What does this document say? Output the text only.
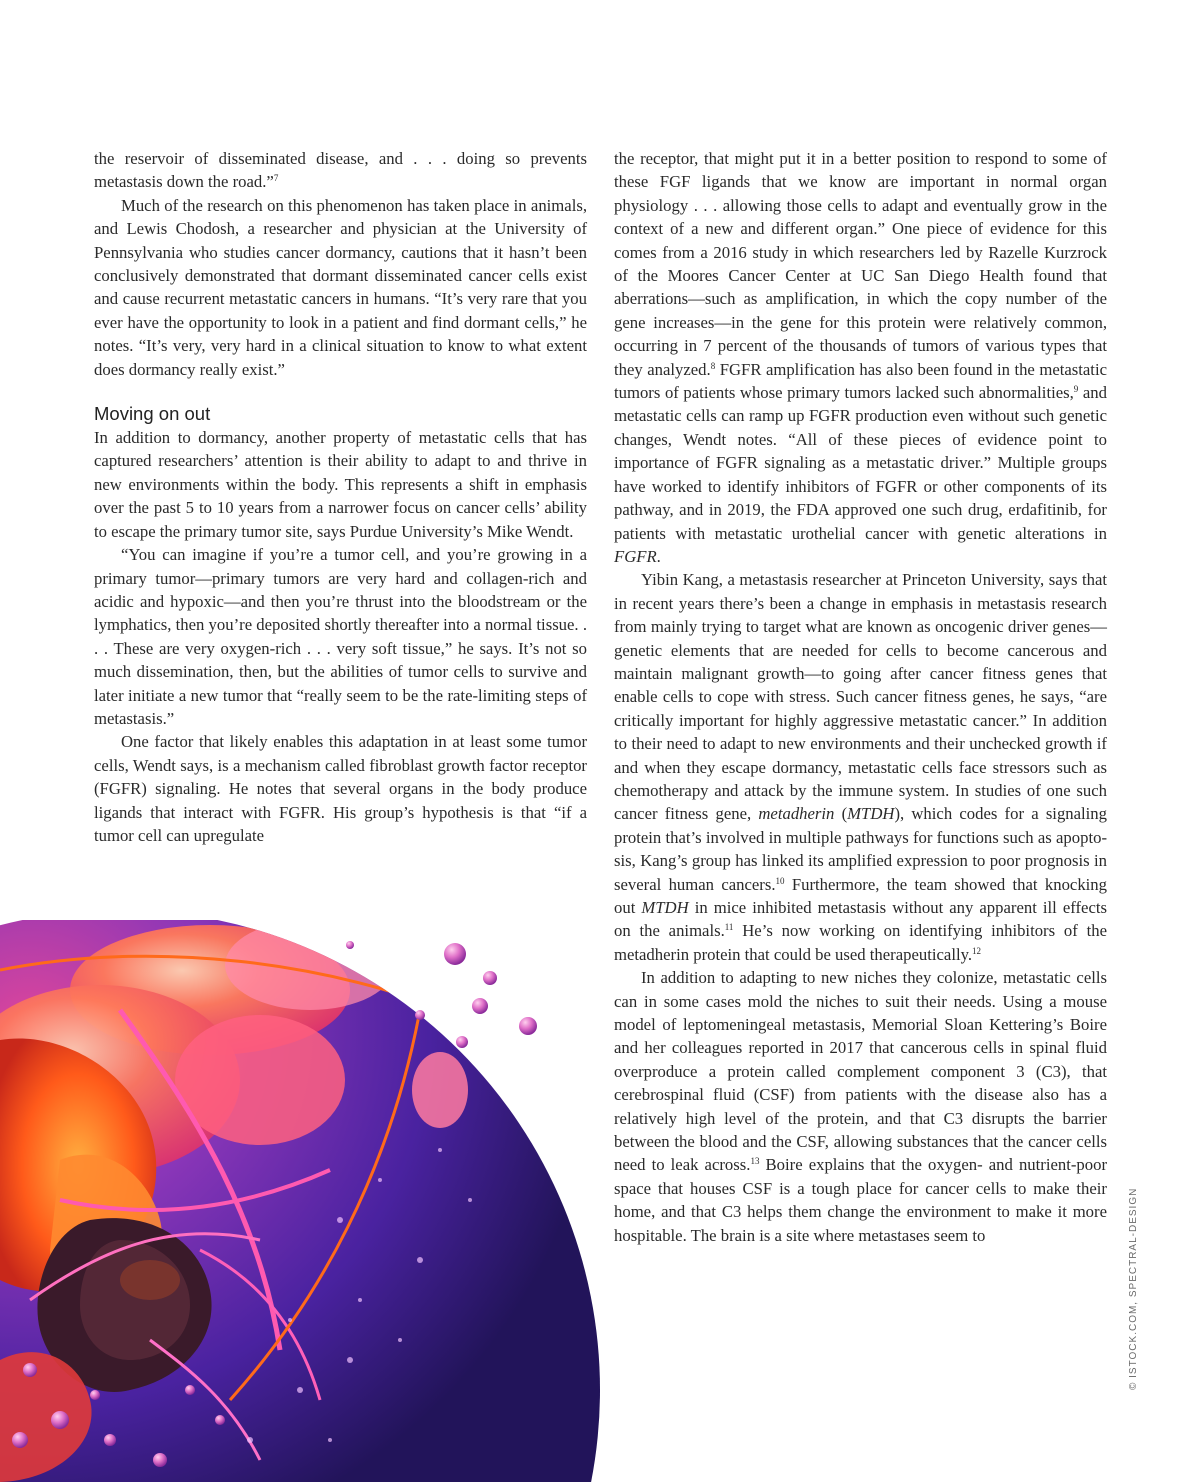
the reservoir of disseminated disease, and . . . doing so prevents metastasis down the road.”$^7$

Much of the research on this phenomenon has taken place in animals, and Lewis Chodosh, a researcher and physician at the University of Pennsylvania who studies cancer dormancy, cautions that it hasn’t been conclusively demonstrated that dormant disseminated cancer cells exist and cause recurrent metastatic cancers in humans. “It’s very rare that you ever have the opportunity to look in a patient and find dormant cells,” he notes. “It’s very, very hard in a clinical situation to know to what extent does dormancy really exist.”

Moving on out

In addition to dormancy, another property of metastatic cells that has captured researchers’ attention is their ability to adapt to and thrive in new environments within the body. This represents a shift in emphasis over the past 5 to 10 years from a narrower focus on cancer cells’ ability to escape the primary tumor site, says Purdue University’s Mike Wendt.

“You can imagine if you’re a tumor cell, and you’re growing in a primary tumor—primary tumors are very hard and collagen-rich and acidic and hypoxic—and then you’re thrust into the bloodstream or the lymphatics, then you’re deposited shortly thereafter into a normal tissue. . . . These are very oxygen-rich . . . very soft tissue,” he says. It’s not so much dissemination, then, but the abilities of tumor cells to survive and later initiate a new tumor that “really seem to be the rate-limiting steps of metastasis.”

One factor that likely enables this adaptation in at least some tumor cells, Wendt says, is a mechanism called fibroblast growth factor receptor (FGFR) signaling. He notes that several organs in the body produce ligands that interact with FGFR. His group’s hypothesis is that “if a tumor cell can upregulate

the receptor, that might put it in a better position to respond to some of these FGF ligands that we know are important in normal organ physiology . . . allowing those cells to adapt and eventually grow in the context of a new and different organ.” One piece of evidence for this comes from a 2016 study in which researchers led by Razelle Kurzrock of the Moores Cancer Center at UC San Diego Health found that aberrations—such as amplification, in which the copy number of the gene increases—in the gene for this protein were relatively common, occurring in 7 percent of the thousands of tumors of various types that they analyzed.$^8$ FGFR amplification has also been found in the metastatic tumors of patients whose primary tumors lacked such abnormalities,$^9$ and metastatic cells can ramp up FGFR production even without such genetic changes, Wendt notes. “All of these pieces of evidence point to importance of FGFR signaling as a metastatic driver.” Multiple groups have worked to identify inhibitors of FGFR or other components of its pathway, and in 2019, the FDA approved one such drug, erdafitinib, for patients with metastatic urothelial cancer with genetic alterations in FGFR.

Yibin Kang, a metastasis researcher at Princeton University, says that in recent years there’s been a change in emphasis in metastasis research from mainly trying to target what are known as oncogenic driver genes—genetic elements that are needed for cells to become cancerous and maintain malignant growth—to going after cancer fitness genes that enable cells to cope with stress. Such cancer fitness genes, he says, “are critically important for highly aggressive metastatic cancer.” In addition to their need to adapt to new environments and their unchecked growth if and when they escape dormancy, metastatic cells face stressors such as chemotherapy and attack by the immune system. In studies of one such cancer fitness gene, metadherin (MTDH), which codes for a signaling protein that’s involved in multiple pathways for functions such as apoptosis, Kang’s group has linked its amplified expression to poor prognosis in several human cancers.$^{10}$ Furthermore, the team showed that knocking out MTDH in mice inhibited metastasis without any apparent ill effects on the animals.$^{11}$ He’s now working on identifying inhibitors of the metadherin protein that could be used therapeutically.$^{12}$

In addition to adapting to new niches they colonize, metastatic cells can in some cases mold the niches to suit their needs. Using a mouse model of leptomeningeal metastasis, Memorial Sloan Kettering’s Boire and her colleagues reported in 2017 that cancerous cells in spinal fluid overproduce a protein called complement component 3 (C3), that cerebrospinal fluid (CSF) from patients with the disease also has a relatively high level of the protein, and that C3 disrupts the barrier between the blood and the CSF, allowing substances that the cancer cells need to leak across.$^{13}$ Boire explains that the oxygen- and nutrient-poor space that houses CSF is a tough place for cancer cells to make their home, and that C3 helps them change the environment to make it more hospitable. The brain is a site where metastases seem to	© ISTOCK.COM, SPECTRAL-DESIGN
